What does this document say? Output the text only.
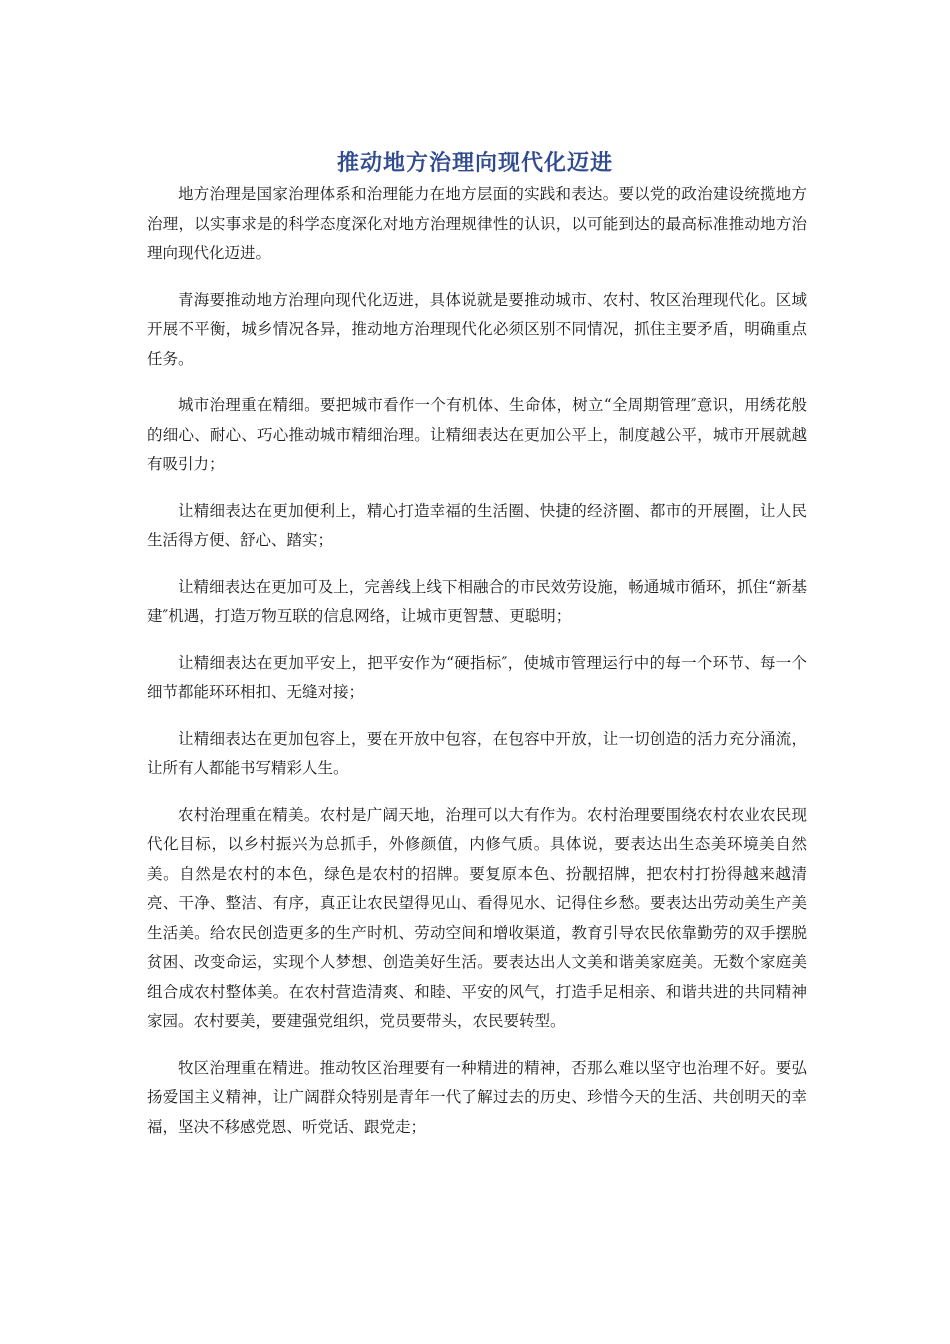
推动地方治理向现代化迈进

地方治理是国家治理体系和治理能力在地方层面的实践和表达。要以党的政治建设统揽地方治理，以实事求是的科学态度深化对地方治理规律性的认识，以可能到达的最高标准推动地方治理向现代化迈进。

青海要推动地方治理向现代化迈进，具体说就是要推动城市、农村、牧区治理现代化。区域开展不平衡，城乡情况各异，推动地方治理现代化必须区别不同情况，抓住主要矛盾，明确重点任务。

城市治理重在精细。要把城市看作一个有机体、生命体，树立“全周期管理″意识，用绣花般的细心、耐心、巧心推动城市精细治理。让精细表达在更加公平上，制度越公平，城市开展就越有吸引力；

让精细表达在更加便利上，精心打造幸福的生活圈、快捷的经济圈、都市的开展圈，让人民生活得方便、舒心、踏实；

让精细表达在更加可及上，完善线上线下相融合的市民效劳设施，畅通城市循环，抓住“新基建″机遇，打造万物互联的信息网络，让城市更智慧、更聪明；

让精细表达在更加平安上，把平安作为“硬指标″，使城市管理运行中的每一个环节、每一个细节都能环环相扣、无缝对接；

让精细表达在更加包容上，要在开放中包容，在包容中开放，让一切创造的活力充分涌流，让所有人都能书写精彩人生。

农村治理重在精美。农村是广阔天地，治理可以大有作为。农村治理要围绕农村农业农民现代化目标，以乡村振兴为总抓手，外修颜值，内修气质。具体说，要表达出生态美环境美自然美。自然是农村的本色，绿色是农村的招牌。要复原本色、扮靓招牌，把农村打扮得越来越清亮、干净、整洁、有序，真正让农民望得见山、看得见水、记得住乡愁。要表达出劳动美生产美生活美。给农民创造更多的生产时机、劳动空间和增收渠道，教育引导农民依靠勤劳的双手摆脱贫困、改变命运，实现个人梦想、创造美好生活。要表达出人文美和谐美家庭美。无数个家庭美组合成农村整体美。在农村营造清爽、和睦、平安的风气，打造手足相亲、和谐共进的共同精神家园。农村要美，要建强党组织，党员要带头，农民要转型。

牧区治理重在精进。推动牧区治理要有一种精进的精神，否那么难以坚守也治理不好。要弘扬爱国主义精神，让广阔群众特别是青年一代了解过去的历史、珍惜今天的生活、共创明天的幸福，坚决不移感党恩、听党话、跟党走；
